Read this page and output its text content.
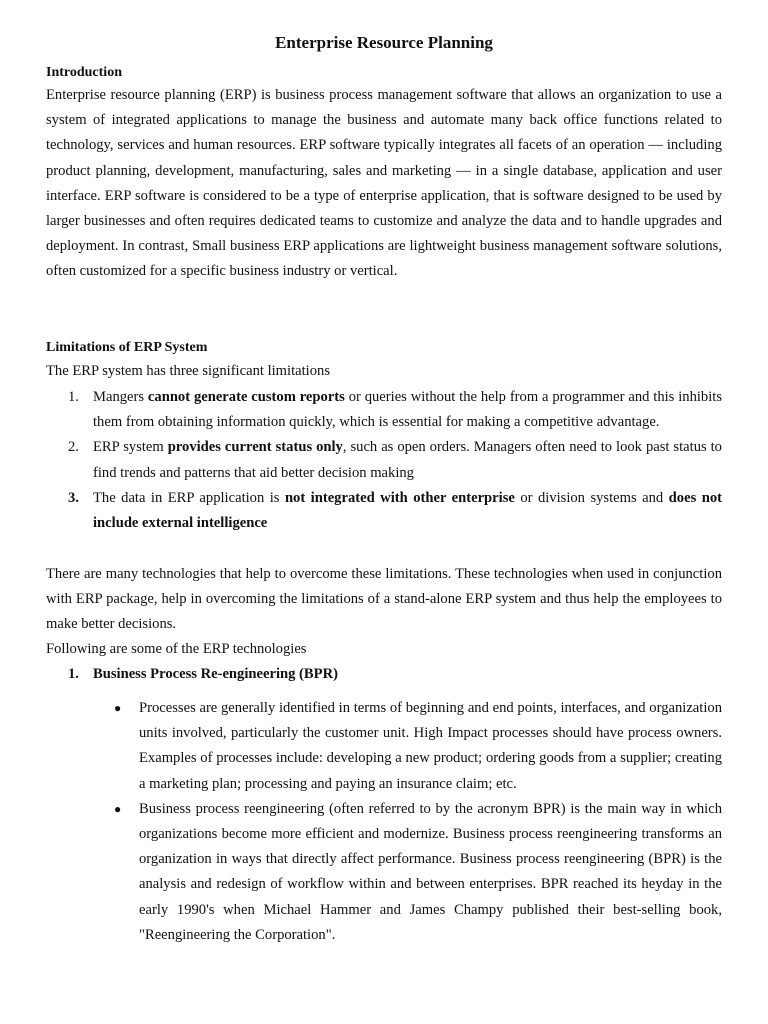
Enterprise Resource Planning

Introduction

Enterprise resource planning (ERP) is business process management software that allows an organization to use a system of integrated applications to manage the business and automate many back office functions related to technology, services and human resources. ERP software typically integrates all facets of an operation — including product planning, development, manufacturing, sales and marketing — in a single database, application and user interface. ERP software is considered to be a type of enterprise application, that is software designed to be used by larger businesses and often requires dedicated teams to customize and analyze the data and to handle upgrades and deployment. In contrast, Small business ERP applications are lightweight business management software solutions, often customized for a specific business industry or vertical.

Limitations of ERP System

The ERP system has three significant limitations

1. Mangers cannot generate custom reports or queries without the help from a programmer and this inhibits them from obtaining information quickly, which is essential for making a competitive advantage.
2. ERP system provides current status only, such as open orders. Managers often need to look past status to find trends and patterns that aid better decision making
3. The data in ERP application is not integrated with other enterprise or division systems and does not include external intelligence

There are many technologies that help to overcome these limitations. These technologies when used in conjunction with ERP package, help in overcoming the limitations of a stand-alone ERP system and thus help the employees to make better decisions.

Following are some of the ERP technologies

1. Business Process Re-engineering (BPR)
● Processes are generally identified in terms of beginning and end points, interfaces, and organization units involved, particularly the customer unit. High Impact processes should have process owners. Examples of processes include: developing a new product; ordering goods from a supplier; creating a marketing plan; processing and paying an insurance claim; etc.
● Business process reengineering (often referred to by the acronym BPR) is the main way in which organizations become more efficient and modernize. Business process reengineering transforms an organization in ways that directly affect performance. Business process reengineering (BPR) is the analysis and redesign of workflow within and between enterprises. BPR reached its heyday in the early 1990's when Michael Hammer and James Champy published their best-selling book, "Reengineering the Corporation".
